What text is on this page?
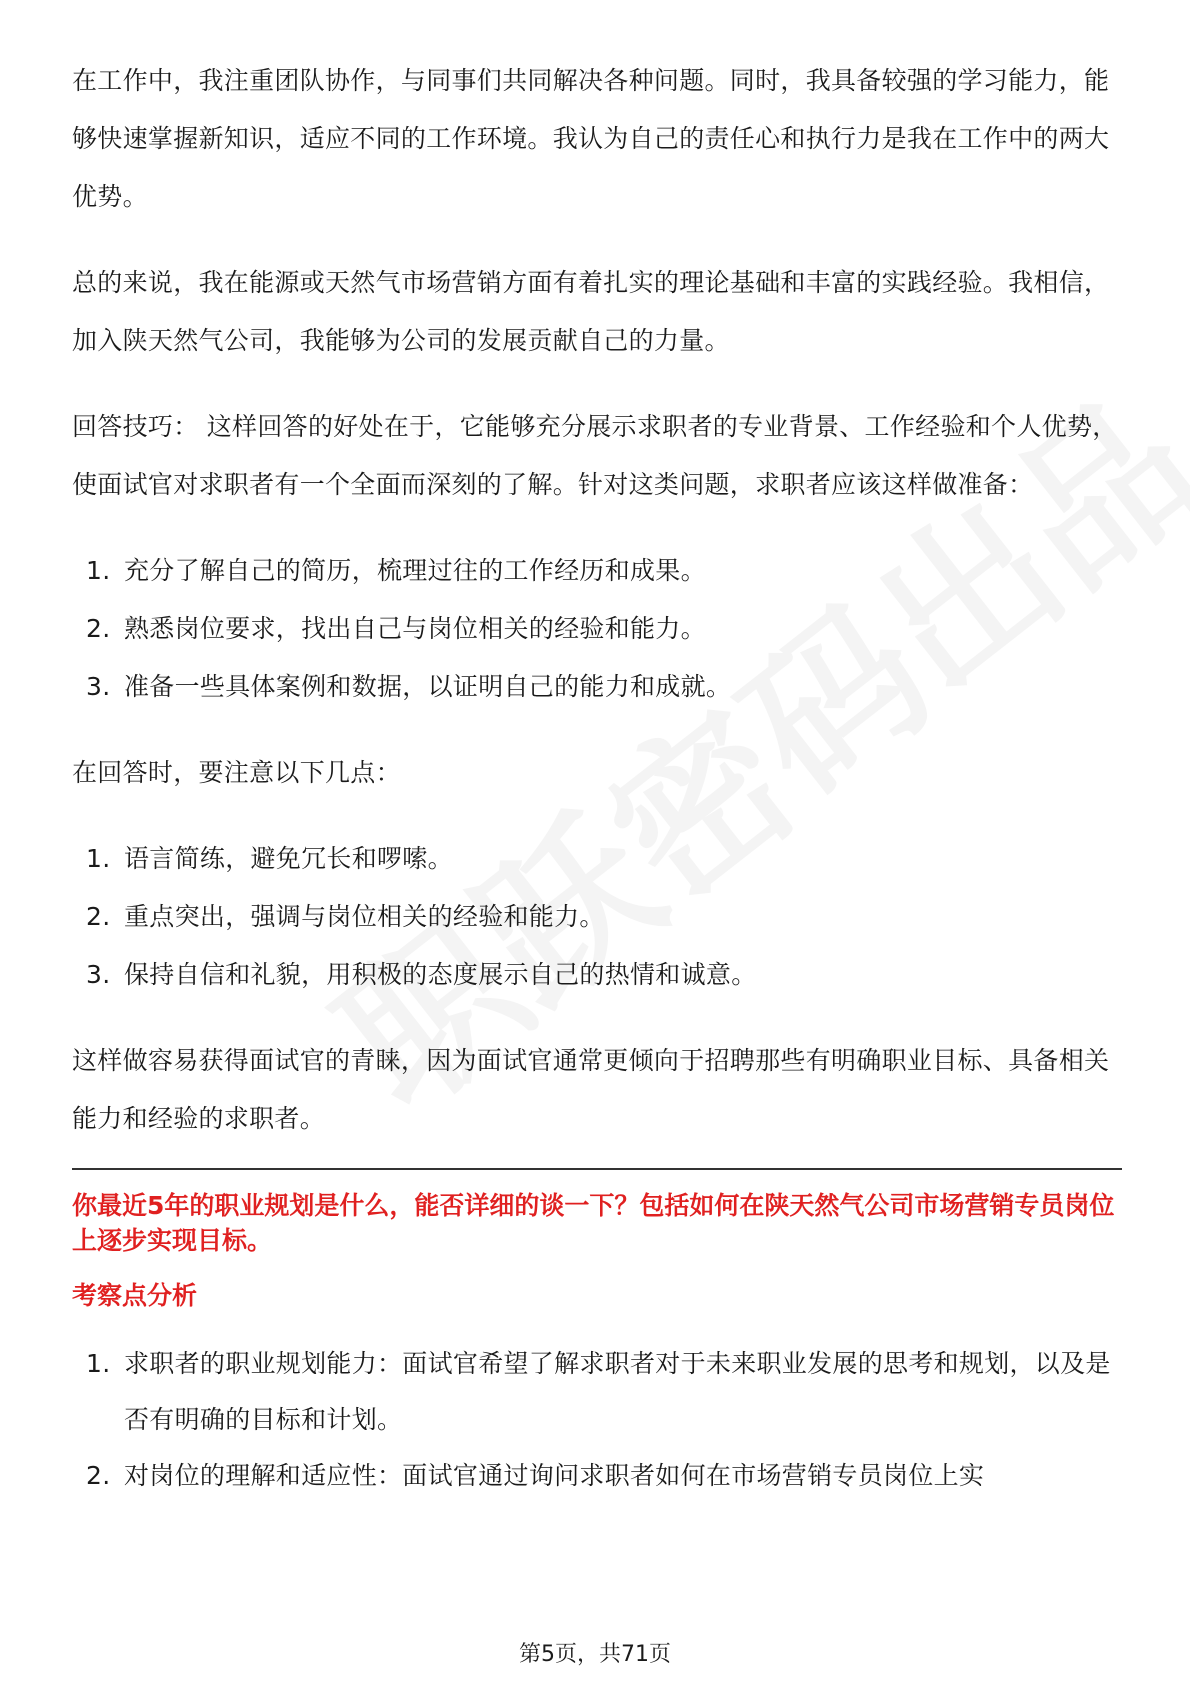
在工作中，我注重团队协作，与同事们共同解决各种问题。同时，我具备较强的学习能力，能够快速掌握新知识，适应不同的工作环境。我认为自己的责任心和执行力是我在工作中的两大优势。

总的来说，我在能源或天然气市场营销方面有着扎实的理论基础和丰富的实践经验。我相信，加入陕天然气公司，我能够为公司的发展贡献自己的力量。

回答技巧： 这样回答的好处在于，它能够充分展示求职者的专业背景、工作经验和个人优势，使面试官对求职者有一个全面而深刻的了解。针对这类问题，求职者应该这样做准备：

1. 充分了解自己的简历，梳理过往的工作经历和成果。
2. 熟悉岗位要求，找出自己与岗位相关的经验和能力。
3. 准备一些具体案例和数据，以证明自己的能力和成就。

在回答时，要注意以下几点：

1. 语言简练，避免冗长和啰嗦。
2. 重点突出，强调与岗位相关的经验和能力。
3. 保持自信和礼貌，用积极的态度展示自己的热情和诚意。

这样做容易获得面试官的青睐，因为面试官通常更倾向于招聘那些有明确职业目标、具备相关能力和经验的求职者。

你最近5年的职业规划是什么，能否详细的谈一下？包括如何在陕天然气公司市场营销专员岗位上逐步实现目标。

考察点分析

1. 求职者的职业规划能力：面试官希望了解求职者对于未来职业发展的思考和规划，以及是否有明确的目标和计划。
2. 对岗位的理解和适应性：面试官通过询问求职者如何在市场营销专员岗位上实
第5页，共71页
